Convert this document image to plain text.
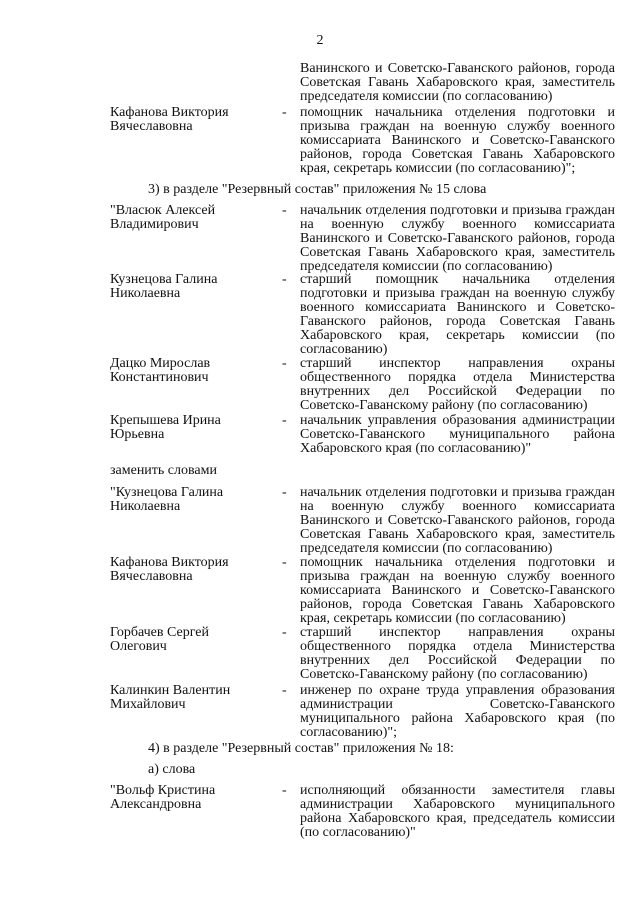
2
Ванинского и Советско-Гаванского районов, города Советская Гавань Хабаровского края, заместитель председателя комиссии (по согласованию)
Кафанова Виктория
Вячеславовна
- помощник начальника отделения подготовки и призыва граждан на военную службу военного комиссариата Ванинского и Советско-Гаванского районов, города Советская Гавань Хабаровского края, секретарь комиссии (по согласованию)";
3) в разделе "Резервный состав" приложения № 15 слова
"Власюк Алексей
Владимирович
- начальник отделения подготовки и призыва граждан на военную службу военного комиссариата Ванинского и Советско-Гаванского районов, города Советская Гавань Хабаровского края, заместитель председателя комиссии (по согласованию)
Кузнецова Галина
Николаевна
- старший помощник начальника отделения подготовки и призыва граждан на военную службу военного комиссариата Ванинского и Советско-Гаванского районов, города Советская Гавань Хабаровского края, секретарь комиссии (по согласованию)
Дацко Мирослав
Константинович
- старший инспектор направления охраны общественного порядка отдела Министерства внутренних дел Российской Федерации по Советско-Гаванскому району (по согласованию)
Крепышева Ирина
Юрьевна
- начальник управления образования администрации Советско-Гаванского муниципального района Хабаровского края (по согласованию)"
заменить словами
"Кузнецова Галина
Николаевна
- начальник отделения подготовки и призыва граждан на военную службу военного комиссариата Ванинского и Советско-Гаванского районов, города Советская Гавань Хабаровского края, заместитель председателя комиссии (по согласованию)
Кафанова Виктория
Вячеславовна
- помощник начальника отделения подготовки и призыва граждан на военную службу военного комиссариата Ванинского и Советско-Гаванского районов, города Советская Гавань Хабаровского края, секретарь комиссии (по согласованию)
Горбачев Сергей
Олегович
- старший инспектор направления охраны общественного порядка отдела Министерства внутренних дел Российской Федерации по Советско-Гаванскому району (по согласованию)
Калинкин Валентин
Михайлович
- инженер по охране труда управления образования администрации Советско-Гаванского муниципального района Хабаровского края (по согласованию)";
4) в разделе "Резервный состав" приложения № 18:
а) слова
"Вольф Кристина
Александровна
- исполняющий обязанности заместителя главы администрации Хабаровского муниципального района Хабаровского края, председатель комиссии (по согласованию)"
